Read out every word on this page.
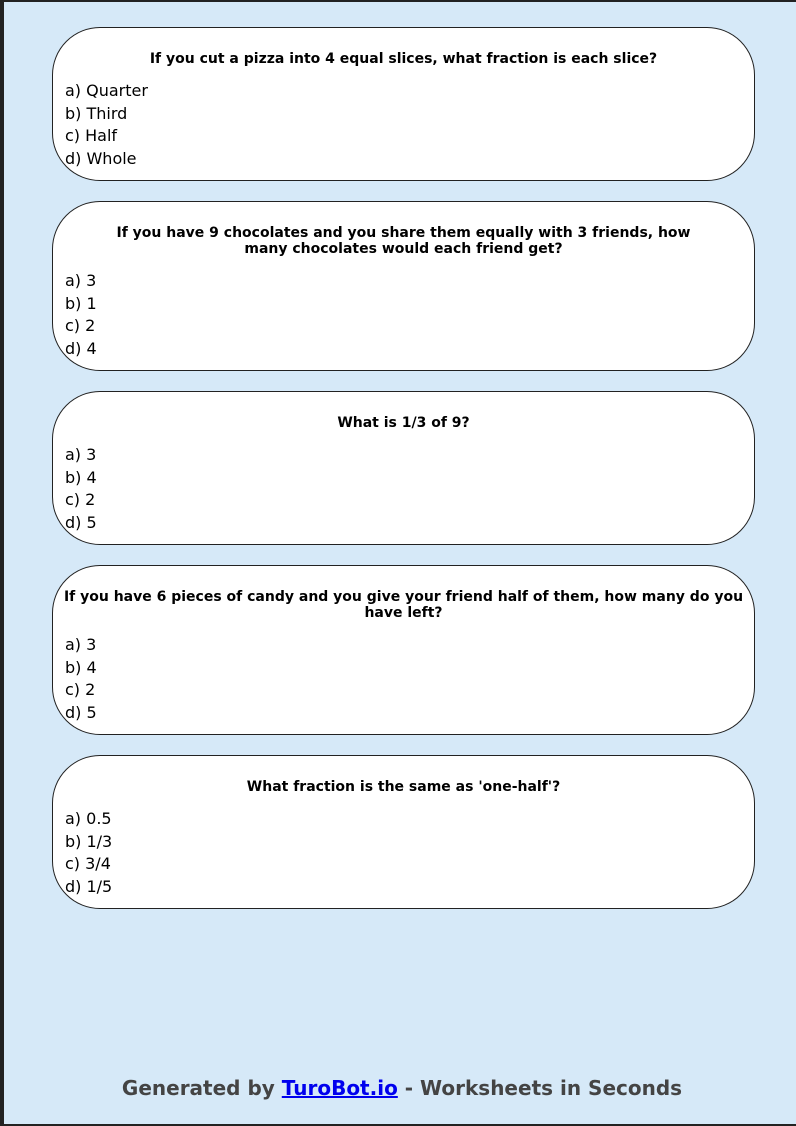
If you cut a pizza into 4 equal slices, what fraction is each slice?

a) Quarter
b) Third
c) Half
d) Whole

If you have 9 chocolates and you share them equally with 3 friends, how many chocolates would each friend get?

a) 3
b) 1
c) 2
d) 4

What is 1/3 of 9?

a) 3
b) 4
c) 2
d) 5

If you have 6 pieces of candy and you give your friend half of them, how many do you have left?

a) 3
b) 4
c) 2
d) 5

What fraction is the same as 'one-half'?

a) 0.5
b) 1/3
c) 3/4
d) 1/5
Generated by TuroBot.io - Worksheets in Seconds
